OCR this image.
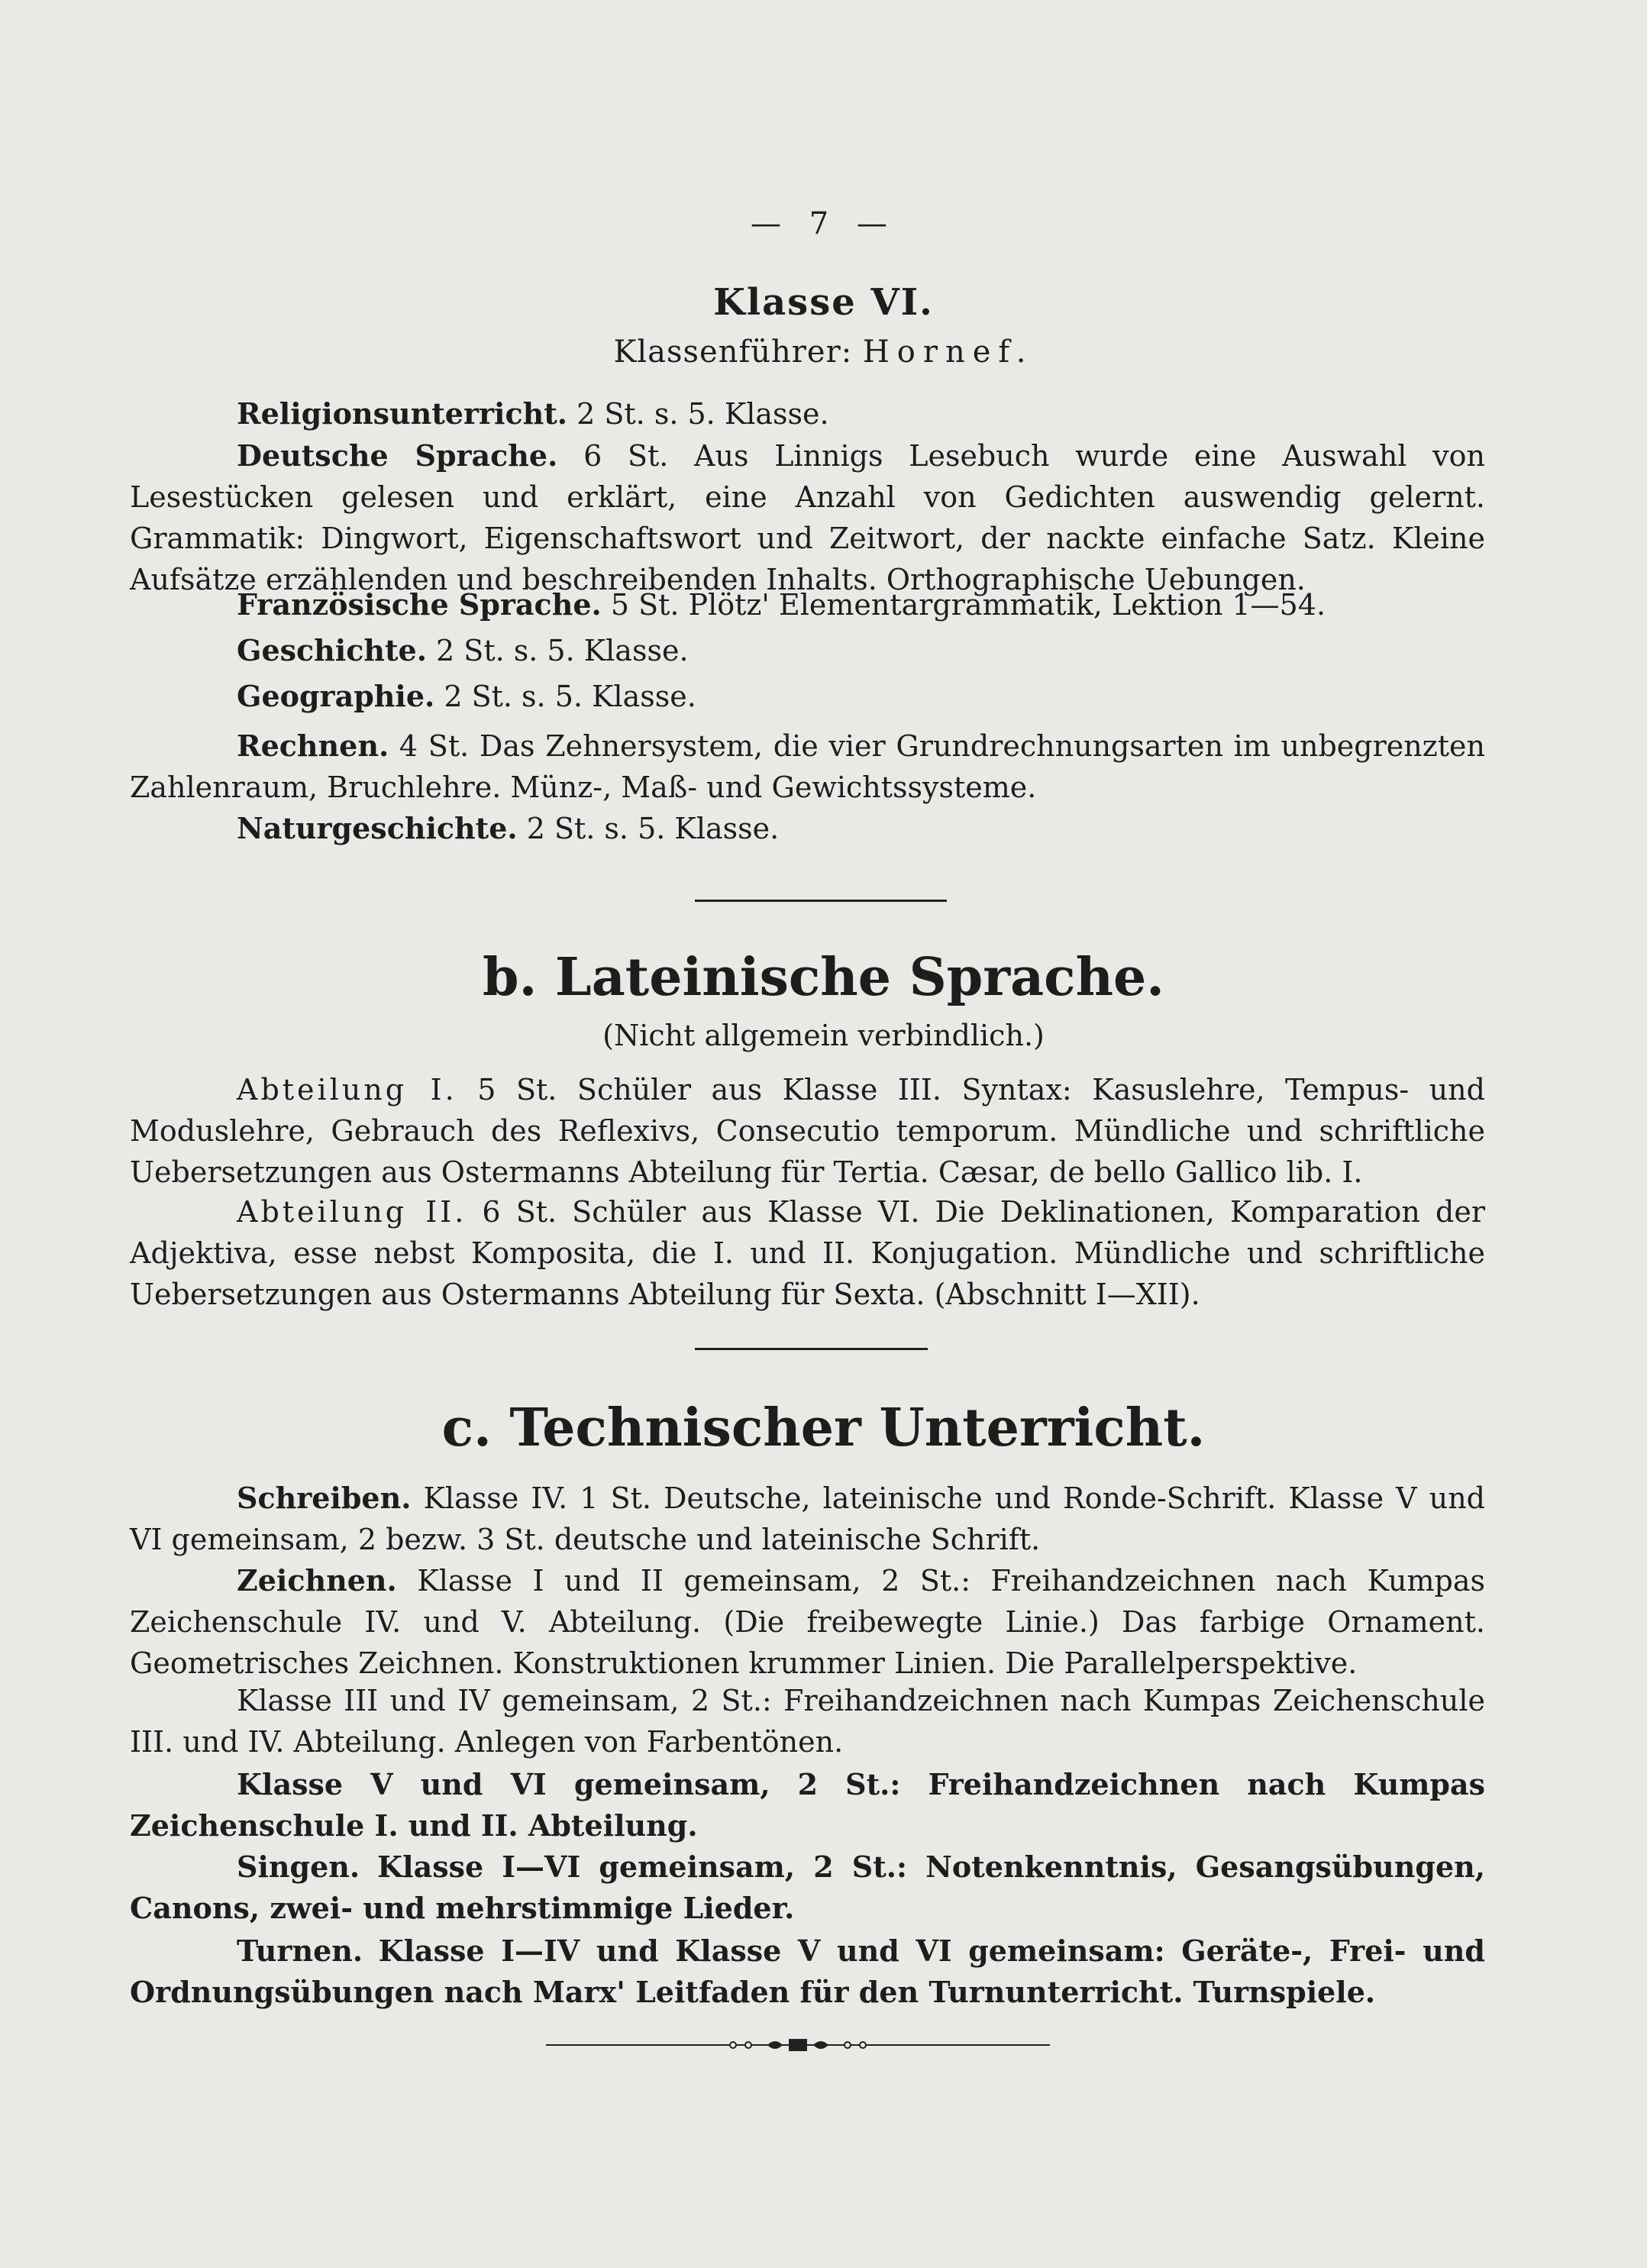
— 7 —
Klasse VI.
Klassenführer: Hornef.
Religionsunterricht. 2 St. s. 5. Klasse.
Deutsche Sprache. 6 St. Aus Linnigs Lesebuch wurde eine Auswahl von Lesestücken gelesen und erklärt, eine Anzahl von Gedichten auswendig gelernt. Grammatik: Dingwort, Eigenschaftswort und Zeitwort, der nackte einfache Satz. Kleine Aufsätze erzählenden und beschreibenden Inhalts. Orthographische Uebungen.
Französische Sprache. 5 St. Plötz' Elementargrammatik, Lektion 1—54.
Geschichte. 2 St. s. 5. Klasse.
Geographie. 2 St. s. 5. Klasse.
Rechnen. 4 St. Das Zehnersystem, die vier Grundrechnungsarten im unbegrenzten Zahlenraum, Bruchlehre. Münz-, Maß- und Gewichtssysteme.
Naturgeschichte. 2 St. s. 5. Klasse.
b. Lateinische Sprache.
(Nicht allgemein verbindlich.)
Abteilung I. 5 St. Schüler aus Klasse III. Syntax: Kasuslehre, Tempus- und Moduslehre, Gebrauch des Reflexivs, Consecutio temporum. Mündliche und schriftliche Uebersetzungen aus Ostermanns Abteilung für Tertia. Cæsar, de bello Gallico lib. I.
Abteilung II. 6 St. Schüler aus Klasse VI. Die Deklinationen, Komparation der Adjektiva, esse nebst Komposita, die I. und II. Konjugation. Mündliche und schriftliche Uebersetzungen aus Ostermanns Abteilung für Sexta. (Abschnitt I—XII).
c. Technischer Unterricht.
Schreiben. Klasse IV. 1 St. Deutsche, lateinische und Ronde-Schrift. Klasse V und VI gemeinsam, 2 bezw. 3 St. deutsche und lateinische Schrift.
Zeichnen. Klasse I und II gemeinsam, 2 St.: Freihandzeichnen nach Kumpas Zeichenschule IV. und V. Abteilung. (Die freibewegte Linie.) Das farbige Ornament. Geometrisches Zeichnen. Konstruktionen krummer Linien. Die Parallelperspektive.
Klasse III und IV gemeinsam, 2 St.: Freihandzeichnen nach Kumpas Zeichenschule III. und IV. Abteilung. Anlegen von Farbentönen.
Klasse V und VI gemeinsam, 2 St.: Freihandzeichnen nach Kumpas Zeichenschule I. und II. Abteilung.
Singen. Klasse I—VI gemeinsam, 2 St.: Notenkenntnis, Gesangsübungen, Canons, zwei- und mehrstimmige Lieder.
Turnen. Klasse I—IV und Klasse V und VI gemeinsam: Geräte-, Frei- und Ordnungsübungen nach Marx' Leitfaden für den Turnunterricht. Turnspiele.
